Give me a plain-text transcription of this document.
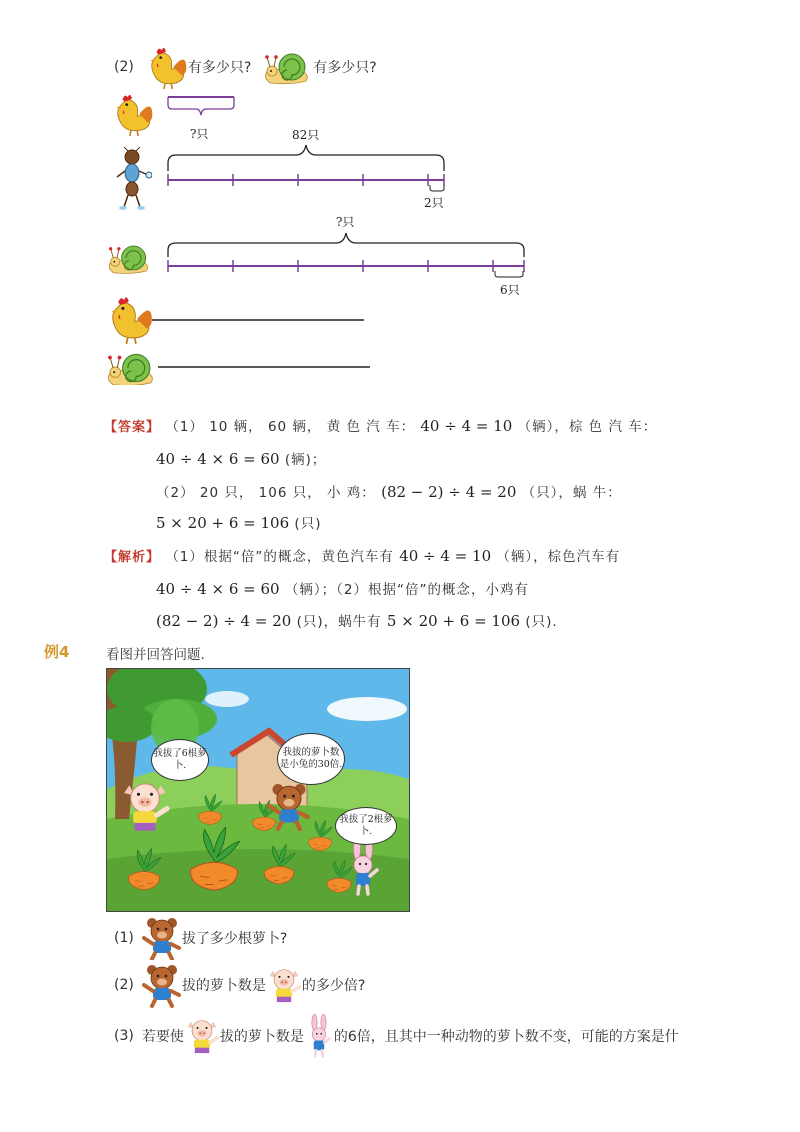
(2)	有多少只?	有多少只?
?只	82只
2只
?只
6只
【答案】 （1） 10 辆， 60 辆， 黄 色 汽 车： 40 ÷ 4 = 10 （辆），棕 色 汽 车：
40 ÷ 4 × 6 = 60 (辆)；
（2） 20 只， 106 只， 小 鸡： (82 − 2) ÷ 4 = 20 （只），蜗 牛：
5 × 20 + 6 = 106 (只)
【解析】 （1）根据“倍”的概念，黄色汽车有 40 ÷ 4 = 10 （辆），棕色汽车有
40 ÷ 4 × 6 = 60 （辆）；（2）根据“倍”的概念，小鸡有
(82 − 2) ÷ 4 = 20 (只)，蜗牛有 5 × 20 + 6 = 106 (只).
例4	看图并回答问题.
我拔了6根萝卜.
我拔的萝卜数是小兔的30倍.
我拔了2根萝卜.
(1)	拔了多少根萝卜?
(2)	拔的萝卜数是	的多少倍?
(3) 若要使	拔的萝卜数是 的6倍，且其中一种动物的萝卜数不变，可能的方案是什
